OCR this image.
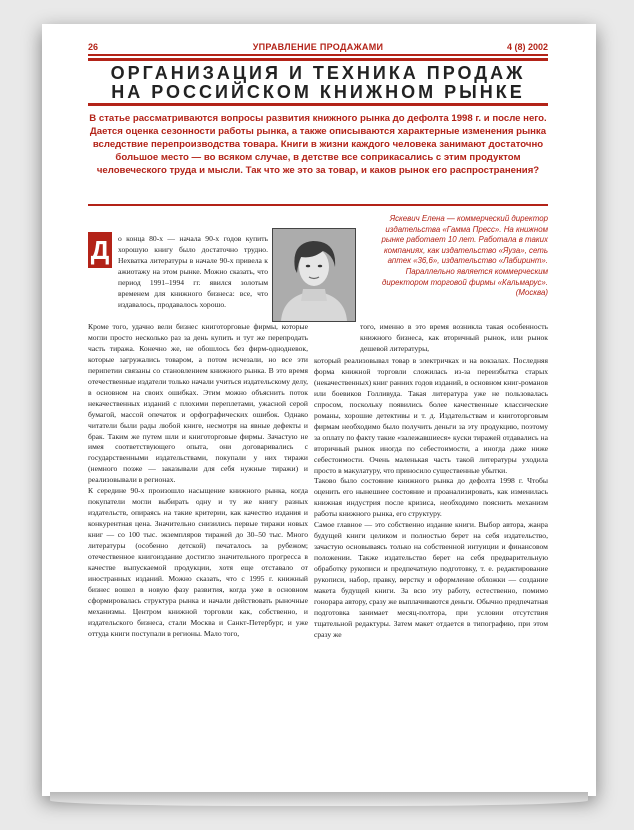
26	УПРАВЛЕНИЕ ПРОДАЖАМИ	4 (8) 2002
ОРГАНИЗАЦИЯ И ТЕХНИКА ПРОДАЖ
НА РОССИЙСКОМ КНИЖНОМ РЫНКЕ
В статье рассматриваются вопросы развития книжного рынка до дефолта 1998 г. и после него. Дается оценка сезонности работы рынка, а также описываются характерные изменения рынка вследствие перепроизводства товара. Книги в жизни каждого человека занимают достаточно большое место — во всяком случае, в детстве все соприкасались с этим продуктом человеческого труда и мысли. Так что же это за товар, и каков рынок его распространения?
Яскевич Елена — коммерческий директор издательства «Гамма Пресс». На книжном рынке работает 10 лет. Работала в таких компаниях, как издательство «Яуза», сеть аптек «36,6», издательство «Лабиринт». Параллельно является коммерческим директором торговой фирмы «Кальмарус». (Москва)
Д	о конца 80-х — начала 90-х годов купить хорошую книгу было достаточно трудно. Нехватка литературы в начале 90-х привела к ажиотажу на этом рынке. Можно сказать, что период 1991–1994 гг. явился золотым временем для книжного бизнеса: все, что издавалось, продавалось хорошо.

Кроме того, удачно вели бизнес книготорговые фирмы, которые могли просто несколько раз за день купить и тут же перепродать часть тиража. Конечно же, не обошлось без фирм-однодневок, которые загружались товаром, а потом исчезали, но все эти перипетии связаны со становлением книжного рынка. В это время отечественные издатели только начали учиться издательскому делу, в основном на своих ошибках. Этим можно объяснить поток некачественных изданий с плохими переплетами, ужасной серой бумагой, массой опечаток и орфографических ошибок. Однако читатели были рады любой книге, несмотря на явные дефекты и брак. Таким же путем шли и книготорговые фирмы. Зачастую не имея соответствующего опыта, они договаривались с государственными издательствами, покупали у них тиражи (немного позже — заказывали для себя нужные тиражи) и реализовывали в регионах.

К середине 90-х произошло насыщение книжного рынка, когда покупатели могли выбирать одну и ту же книгу разных издательств, опираясь на такие критерии, как качество издания и конкурентная цена. Значительно снизились первые тиражи новых книг — со 100 тыс. экземпляров тиражей до 30–50 тыс. Много литературы (особенно детской) печаталось за рубежом; отечественное книгоиздание достигло значительного прогресса в качестве выпускаемой продукции, хотя еще отставало от иностранных изданий. Можно сказать, что с 1995 г. книжный бизнес вошел в новую фазу развития, когда уже в основном сформировалась структура рынка и начали действовать рыночные механизмы. Центром книжной торговли как, собственно, и издательского бизнеса, стали Москва и Санкт-Петербург, и уже оттуда книги поступали в регионы. Мало того,

того, именно в это время возникла такая особенность книжного бизнеса, как вторичный рынок, или рынок дешевой литературы,

который реализовывал товар в электричках и на вокзалах. Последняя форма книжной торговли сложилась из-за переизбытка старых (некачественных) книг ранних годов изданий, в основном книг-романов или боевиков Голливуда. Такая литература уже не пользовалась спросом, поскольку появились более качественные классические романы, хорошие детективы и т. д. Издательствам и книготорговым фирмам необходимо было получить деньги за эту продукцию, поэтому за оплату по факту такие «залежавшиеся» куски тиражей отдавались на вторичный рынок иногда по себестоимости, а иногда даже ниже себестоимости. Очень маленькая часть такой литературы уходила просто в макулатуру, что приносило существенные убытки.

Таково было состояние книжного рынка до дефолта 1998 г. Чтобы оценить его нынешнее состояние и проанализировать, как изменилась книжная индустрия после кризиса, необходимо пояснить механизм работы книжного рынка, его структуру.

Самое главное — это собственно издание книги. Выбор автора, жанра будущей книги целиком и полностью берет на себя издательство, зачастую основываясь только на собственной интуиции и финансовом положении. Также издательство берет на себя предварительную обработку рукописи и предпечатную подготовку, т. е. редактирование рукописи, набор, правку, верстку и оформление обложки — создание макета будущей книги. За всю эту работу, естественно, помимо гонорара автору, сразу же выплачиваются деньги. Обычно предпечатная подготовка занимает месяц-полтора, при условии отсутствия тщательной редактуры. Затем макет отдается в типографию, при этом сразу же
